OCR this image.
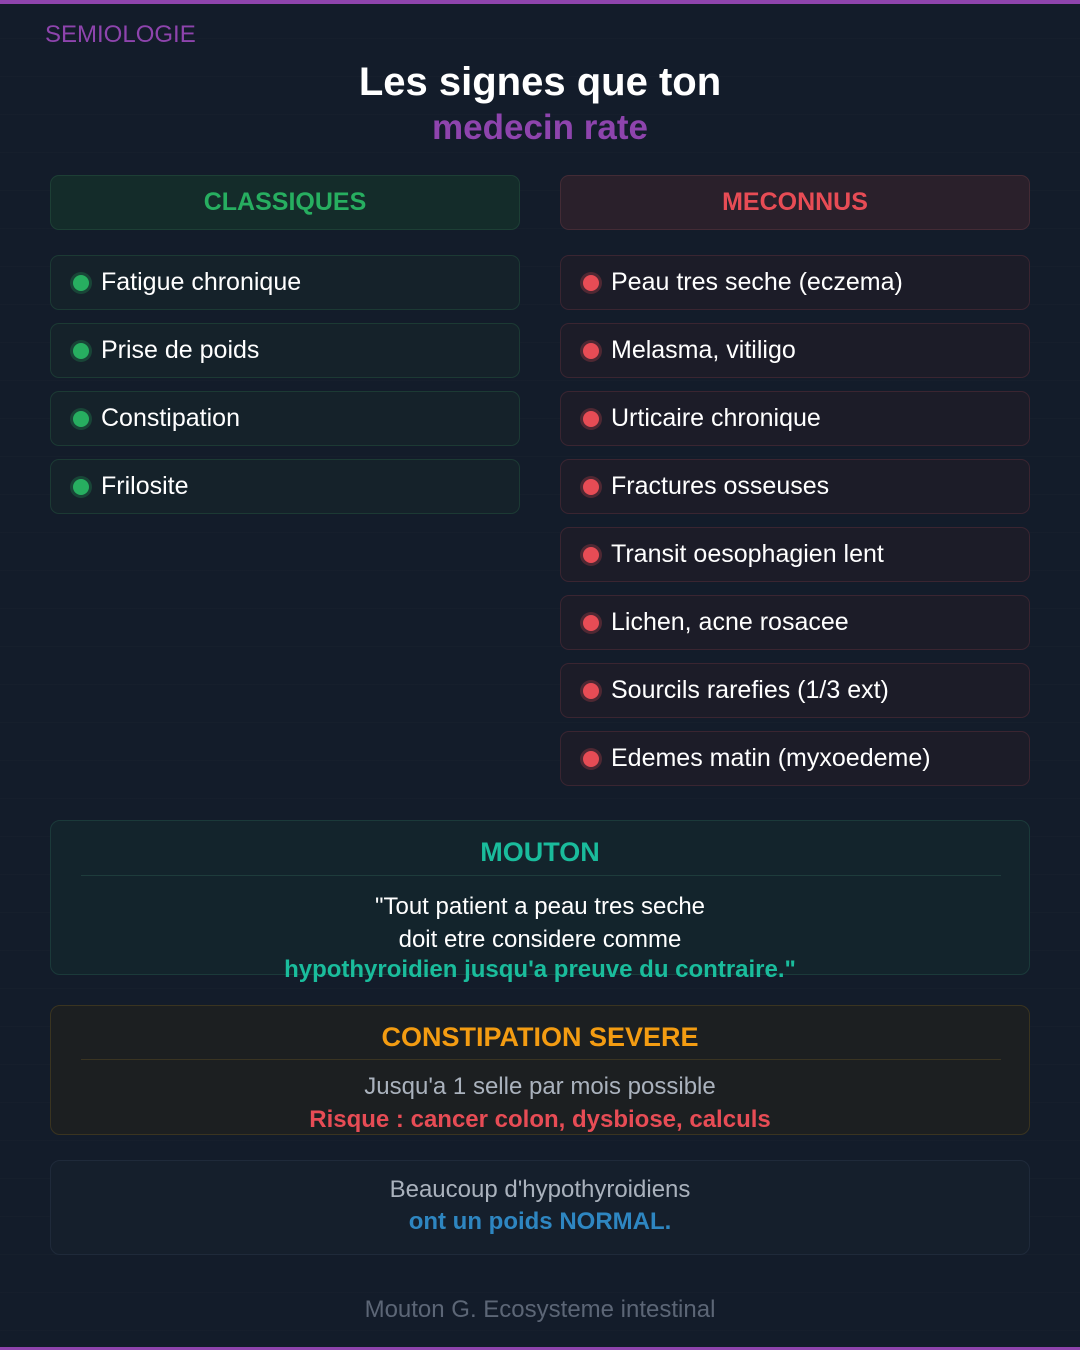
SEMIOLOGIE
Les signes que ton
medecin rate
CLASSIQUES	MECONNUS
Fatigue chronique
Prise de poids
Constipation
Frilosite
Peau tres seche (eczema)
Melasma, vitiligo
Urticaire chronique
Fractures osseuses
Transit oesophagien lent
Lichen, acne rosacee
Sourcils rarefies (1/3 ext)
Edemes matin (myxoedeme)
MOUTON
"Tout patient a peau tres seche
doit etre considere comme
hypothyroidien jusqu'a preuve du contraire."
CONSTIPATION SEVERE
Jusqu'a 1 selle par mois possible
Risque : cancer colon, dysbiose, calculs
Beaucoup d'hypothyroidiens
ont un poids NORMAL.
Mouton G. Ecosysteme intestinal
